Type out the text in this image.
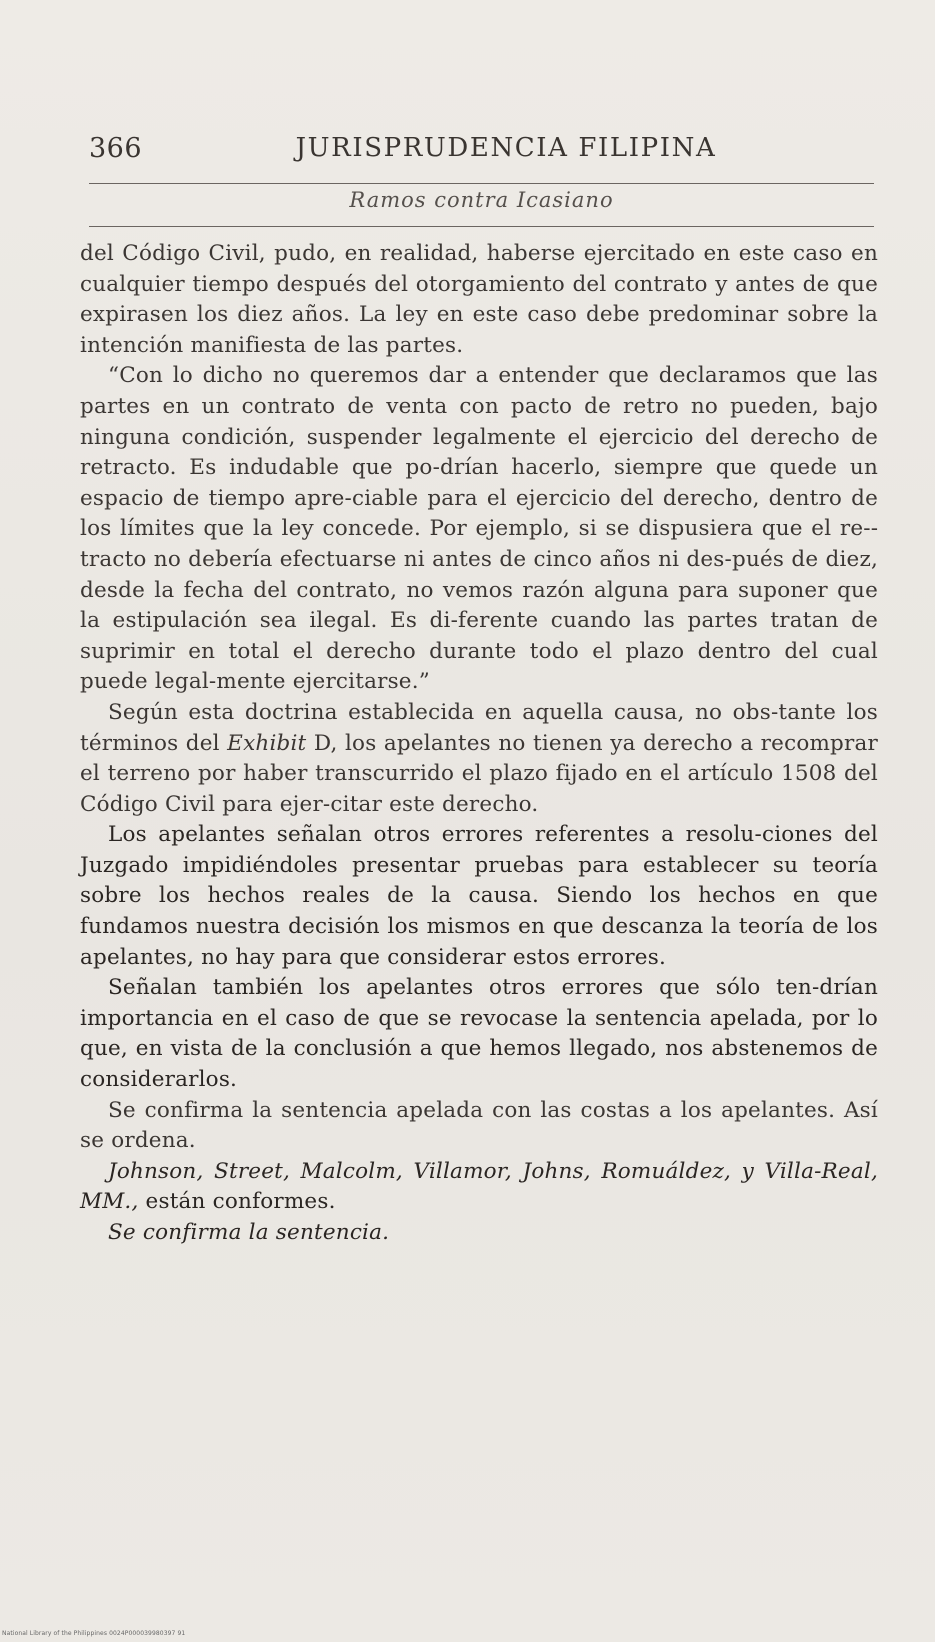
366	JURISPRUDENCIA FILIPINA
Ramos contra Icasiano

del Código Civil, pudo, en realidad, haberse ejercitado en este caso en cualquier tiempo después del otorgamiento del contrato y antes de que expirasen los diez años. La ley en este caso debe predominar sobre la intención manifiesta de las partes.

“Con lo dicho no queremos dar a entender que declaramos que las partes en un contrato de venta con pacto de retro no pueden, bajo ninguna condición, suspender legalmente el ejercicio del derecho de retracto. Es indudable que po-drían hacerlo, siempre que quede un espacio de tiempo apre-ciable para el ejercicio del derecho, dentro de los límites que la ley concede. Por ejemplo, si se dispusiera que el re-tracto no debería efectuarse ni antes de cinco años ni des-pués de diez, desde la fecha del contrato, no vemos razón alguna para suponer que la estipulación sea ilegal. Es di-ferente cuando las partes tratan de suprimir en total el derecho durante todo el plazo dentro del cual puede legal-mente ejercitarse.”

Según esta doctrina establecida en aquella causa, no obs-tante los términos del Exhibit D, los apelantes no tienen ya derecho a recomprar el terreno por haber transcurrido el plazo fijado en el artículo 1508 del Código Civil para ejer-citar este derecho.

Los apelantes señalan otros errores referentes a resolu-ciones del Juzgado impidiéndoles presentar pruebas para establecer su teoría sobre los hechos reales de la causa. Siendo los hechos en que fundamos nuestra decisión los mismos en que descanza la teoría de los apelantes, no hay para que considerar estos errores.

Señalan también los apelantes otros errores que sólo ten-drían importancia en el caso de que se revocase la sentencia apelada, por lo que, en vista de la conclusión a que hemos llegado, nos abstenemos de considerarlos.

Se confirma la sentencia apelada con las costas a los apelantes. Así se ordena.

Johnson, Street, Malcolm, Villamor, Johns, Romuáldez, y Villa-Real, MM., están conformes.

Se confirma la sentencia.

National Library of the Philippines 0024P000039980397 91
